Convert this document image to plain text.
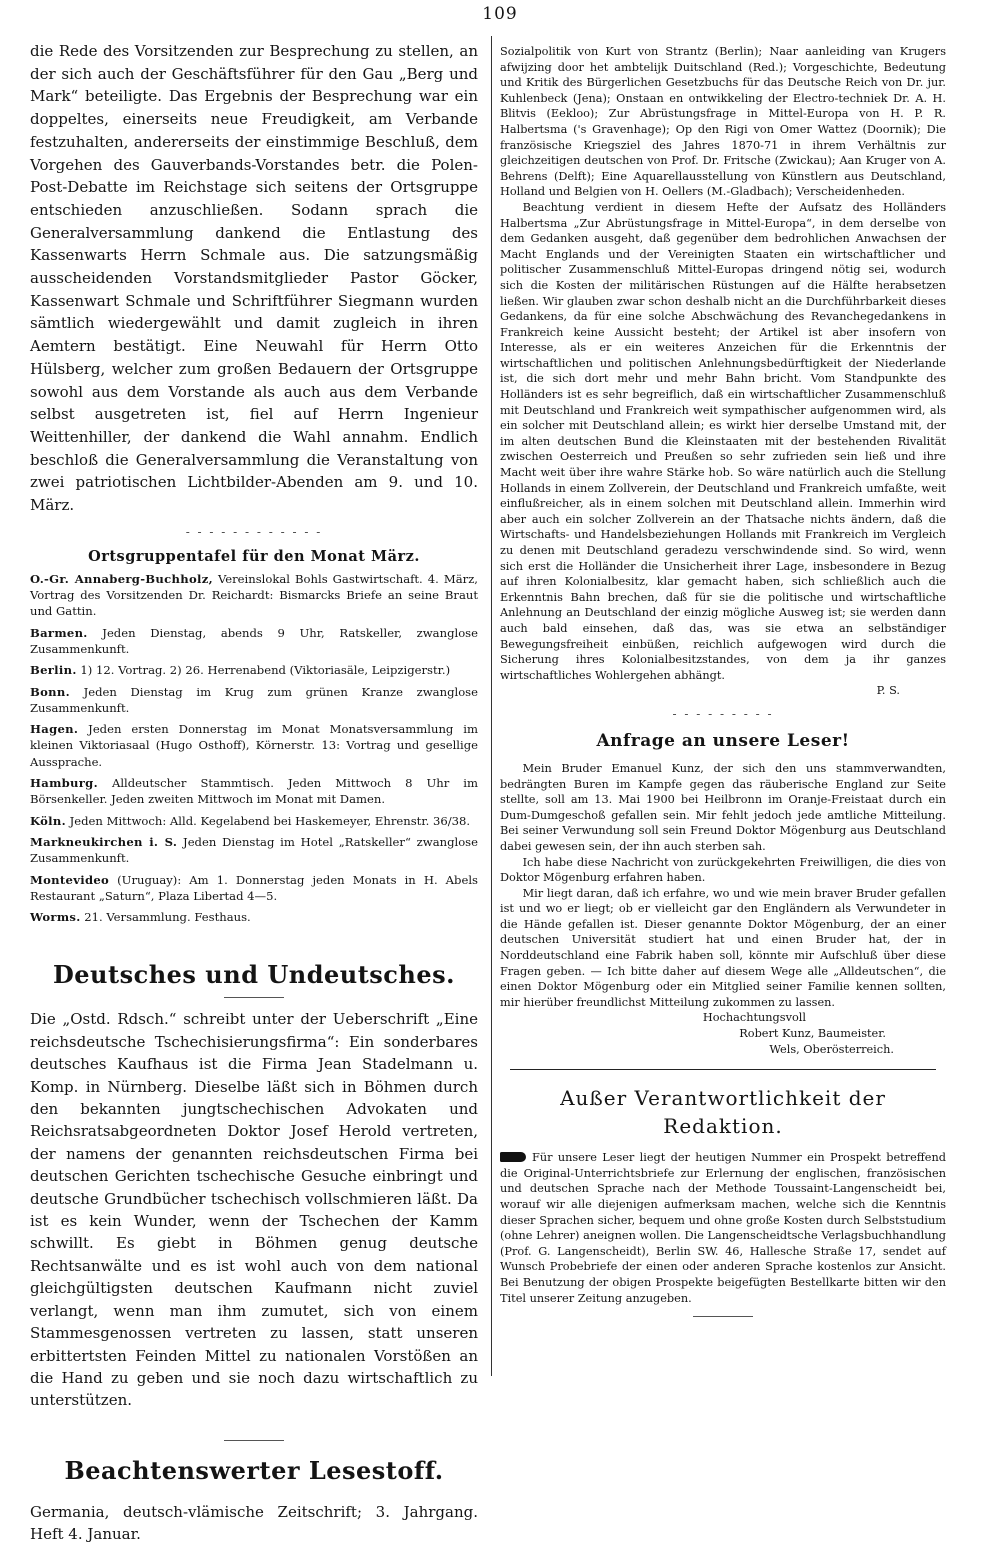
109

die Rede des Vorsitzenden zur Besprechung zu stellen, an der sich auch der Geschäftsführer für den Gau „Berg und Mark“ beteiligte. Das Ergebnis der Besprechung war ein doppeltes, einerseits neue Freudigkeit, am Verbande festzuhalten, andererseits der einstimmige Beschluß, dem Vorgehen des Gauverbands-Vorstandes betr. die Polen-Post-Debatte im Reichstage sich seitens der Ortsgruppe entschieden anzuschließen. Sodann sprach die Generalversammlung dankend die Entlastung des Kassenwarts Herrn Schmale aus. Die satzungsmäßig ausscheidenden Vorstandsmitglieder Pastor Göcker, Kassenwart Schmale und Schriftführer Siegmann wurden sämtlich wiedergewählt und damit zugleich in ihren Aemtern bestätigt. Eine Neuwahl für Herrn Otto Hülsberg, welcher zum großen Bedauern der Ortsgruppe sowohl aus dem Vorstande als auch aus dem Verbande selbst ausgetreten ist, fiel auf Herrn Ingenieur Weittenhiller, der dankend die Wahl annahm. Endlich beschloß die Generalversammlung die Veranstaltung von zwei patriotischen Lichtbilder-Abenden am 9. und 10. März.

- - - - - - - - - - - -
Ortsgruppentafel für den Monat März.

O.-Gr. Annaberg-Buchholz, Vereinslokal Bohls Gastwirtschaft. 4. März, Vortrag des Vorsitzenden Dr. Reichardt: Bismarcks Briefe an seine Braut und Gattin.

Barmen. Jeden Dienstag, abends 9 Uhr, Ratskeller, zwanglose Zusammenkunft.

Berlin. 1) 12. Vortrag. 2) 26. Herrenabend (Viktoriasäle, Leipzigerstr.)

Bonn. Jeden Dienstag im Krug zum grünen Kranze zwanglose Zusammenkunft.

Hagen. Jeden ersten Donnerstag im Monat Monatsversammlung im kleinen Viktoriasaal (Hugo Osthoff), Körnerstr. 13: Vortrag und gesellige Aussprache.

Hamburg. Alldeutscher Stammtisch. Jeden Mittwoch 8 Uhr im Börsenkeller. Jeden zweiten Mittwoch im Monat mit Damen.

Köln. Jeden Mittwoch: Alld. Kegelabend bei Haskemeyer, Ehrenstr. 36/38.

Markneukirchen i. S. Jeden Dienstag im Hotel „Ratskeller“ zwanglose Zusammenkunft.

Montevideo (Uruguay): Am 1. Donnerstag jeden Monats in H. Abels Restaurant „Saturn“, Plaza Libertad 4—5.

Worms. 21. Versammlung. Festhaus.

Deutsches und Undeutsches.

Die „Ostd. Rdsch.“ schreibt unter der Ueberschrift „Eine reichsdeutsche Tschechisierungsfirma“: Ein sonderbares deutsches Kaufhaus ist die Firma Jean Stadelmann u. Komp. in Nürnberg. Dieselbe läßt sich in Böhmen durch den bekannten jungtschechischen Advokaten und Reichsratsabgeordneten Doktor Josef Herold vertreten, der namens der genannten reichsdeutschen Firma bei deutschen Gerichten tschechische Gesuche einbringt und deutsche Grundbücher tschechisch vollschmieren läßt. Da ist es kein Wunder, wenn der Tschechen der Kamm schwillt. Es giebt in Böhmen genug deutsche Rechtsanwälte und es ist wohl auch von dem national gleichgültigsten deutschen Kaufmann nicht zuviel verlangt, wenn man ihm zumutet, sich von einem Stammesgenossen vertreten zu lassen, statt unseren erbittertsten Feinden Mittel zu nationalen Vorstößen an die Hand zu geben und sie noch dazu wirtschaftlich zu unterstützen.

Beachtenswerter Lesestoff.

Germania, deutsch-vlämische Zeitschrift; 3. Jahrgang. Heft 4. Januar.

Sozialpolitik von Kurt von Strantz (Berlin); Naar aanleiding van Krugers afwijzing door het ambtelijk Duitschland (Red.); Vorgeschichte, Bedeutung und Kritik des Bürgerlichen Gesetzbuchs für das Deutsche Reich von Dr. jur. Kuhlenbeck (Jena); Onstaan en ontwikkeling der Electro-techniek Dr. A. H. Blitvis (Eekloo); Zur Abrüstungsfrage in Mittel-Europa von H. P. R. Halbertsma ('s Gravenhage); Op den Rigi von Omer Wattez (Doornik); Die französische Kriegsziel des Jahres 1870-71 in ihrem Verhältnis zur gleichzeitigen deutschen von Prof. Dr. Fritsche (Zwickau); Aan Kruger von A. Behrens (Delft); Eine Aquarellausstellung von Künstlern aus Deutschland, Holland und Belgien von H. Oellers (M.-Gladbach); Verscheidenheden.

Beachtung verdient in diesem Hefte der Aufsatz des Holländers Halbertsma „Zur Abrüstungsfrage in Mittel-Europa“, in dem derselbe von dem Gedanken ausgeht, daß gegenüber dem bedrohlichen Anwachsen der Macht Englands und der Vereinigten Staaten ein wirtschaftlicher und politischer Zusammenschluß Mittel-Europas dringend nötig sei, wodurch sich die Kosten der militärischen Rüstungen auf die Hälfte herabsetzen ließen. Wir glauben zwar schon deshalb nicht an die Durchführbarkeit dieses Gedankens, da für eine solche Abschwächung des Revanchegedankens in Frankreich keine Aussicht besteht; der Artikel ist aber insofern von Interesse, als er ein weiteres Anzeichen für die Erkenntnis der wirtschaftlichen und politischen Anlehnungsbedürftigkeit der Niederlande ist, die sich dort mehr und mehr Bahn bricht. Vom Standpunkte des Holländers ist es sehr begreiflich, daß ein wirtschaftlicher Zusammenschluß mit Deutschland und Frankreich weit sympathischer aufgenommen wird, als ein solcher mit Deutschland allein; es wirkt hier derselbe Umstand mit, der im alten deutschen Bund die Kleinstaaten mit der bestehenden Rivalität zwischen Oesterreich und Preußen so sehr zufrieden sein ließ und ihre Macht weit über ihre wahre Stärke hob. So wäre natürlich auch die Stellung Hollands in einem Zollverein, der Deutschland und Frankreich umfaßte, weit einflußreicher, als in einem solchen mit Deutschland allein. Immerhin wird aber auch ein solcher Zollverein an der Thatsache nichts ändern, daß die Wirtschafts- und Handelsbeziehungen Hollands mit Frankreich im Vergleich zu denen mit Deutschland geradezu verschwindende sind. So wird, wenn sich erst die Holländer die Unsicherheit ihrer Lage, insbesondere in Bezug auf ihren Kolonialbesitz, klar gemacht haben, sich schließlich auch die Erkenntnis Bahn brechen, daß für sie die politische und wirtschaftliche Anlehnung an Deutschland der einzig mögliche Ausweg ist; sie werden dann auch bald einsehen, daß das, was sie etwa an selbständiger Bewegungsfreiheit einbüßen, reichlich aufgewogen wird durch die Sicherung ihres Kolonialbesitzstandes, von dem ja ihr ganzes wirtschaftliches Wohlergehen abhängt.

P. S.
- - - - - - - - -
Anfrage an unsere Leser!

Mein Bruder Emanuel Kunz, der sich den uns stammverwandten, bedrängten Buren im Kampfe gegen das räuberische England zur Seite stellte, soll am 13. Mai 1900 bei Heilbronn im Oranje-Freistaat durch ein Dum-Dumgeschoß gefallen sein. Mir fehlt jedoch jede amtliche Mitteilung. Bei seiner Verwundung soll sein Freund Doktor Mögenburg aus Deutschland dabei gewesen sein, der ihn auch sterben sah.

Ich habe diese Nachricht von zurückgekehrten Freiwilligen, die dies von Doktor Mögenburg erfahren haben.

Mir liegt daran, daß ich erfahre, wo und wie mein braver Bruder gefallen ist und wo er liegt; ob er vielleicht gar den Engländern als Verwundeter in die Hände gefallen ist. Dieser genannte Doktor Mögenburg, der an einer deutschen Universität studiert hat und einen Bruder hat, der in Norddeutschland eine Fabrik haben soll, könnte mir Aufschluß über diese Fragen geben. — Ich bitte daher auf diesem Wege alle „Alldeutschen“, die einen Doktor Mögenburg oder ein Mitglied seiner Familie kennen sollten, mir hierüber freundlichst Mitteilung zukommen zu lassen.

Hochachtungsvoll
Robert Kunz, Baumeister.
Wels, Oberösterreich.
Außer Verantwortlichkeit der Redaktion.

Für unsere Leser liegt der heutigen Nummer ein Prospekt betreffend die Original-Unterrichtsbriefe zur Erlernung der englischen, französischen und deutschen Sprache nach der Methode Toussaint-Langenscheidt bei, worauf wir alle diejenigen aufmerksam machen, welche sich die Kenntnis dieser Sprachen sicher, bequem und ohne große Kosten durch Selbststudium (ohne Lehrer) aneignen wollen. Die Langenscheidtsche Verlagsbuchhandlung (Prof. G. Langenscheidt), Berlin SW. 46, Hallesche Straße 17, sendet auf Wunsch Probebriefe der einen oder anderen Sprache kostenlos zur Ansicht. Bei Benutzung der obigen Prospekte beigefügten Bestellkarte bitten wir den Titel unserer Zeitung anzugeben.
